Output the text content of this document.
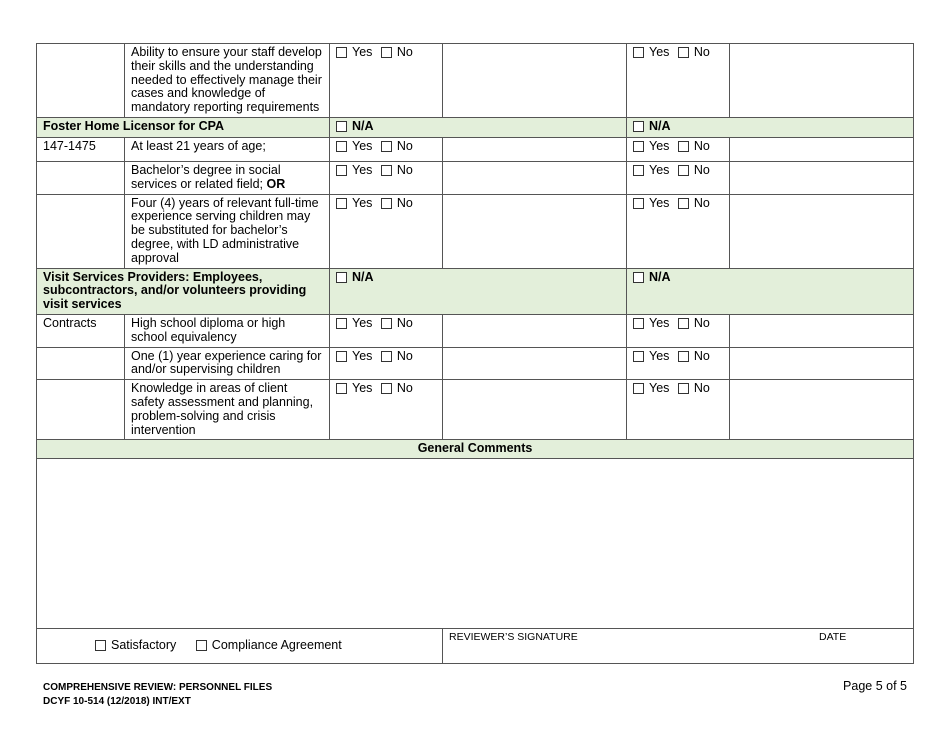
	Ability to ensure your staff develop their skills and the understanding needed to effectively manage their cases and knowledge of mandatory reporting requirements	Yes No		Yes No	
Foster Home Licensor for CPA		N/A		N/A	
147-1475	At least 21 years of age;	Yes No		Yes No	
	Bachelor’s degree in social services or related field; OR	Yes No		Yes No	
	Four (4) years of relevant full-time experience serving children may be substituted for bachelor’s degree, with LD administrative approval	Yes No		Yes No	
Visit Services Providers: Employees, subcontractors, and/or volunteers providing visit services		N/A		N/A	
Contracts	High school diploma or high school equivalency	Yes No		Yes No	
	One (1) year experience caring for and/or supervising children	Yes No		Yes No	
	Knowledge in areas of client safety assessment and planning, problem-solving and crisis intervention	Yes No		Yes No	
General Comments					

Satisfactory Compliance Agreement			REVIEWER’S SIGNATURE DATE		
COMPREHENSIVE REVIEW: PERSONNEL FILES
DCYF 10-514 (12/2018) INT/EXT
Page 5 of 5
